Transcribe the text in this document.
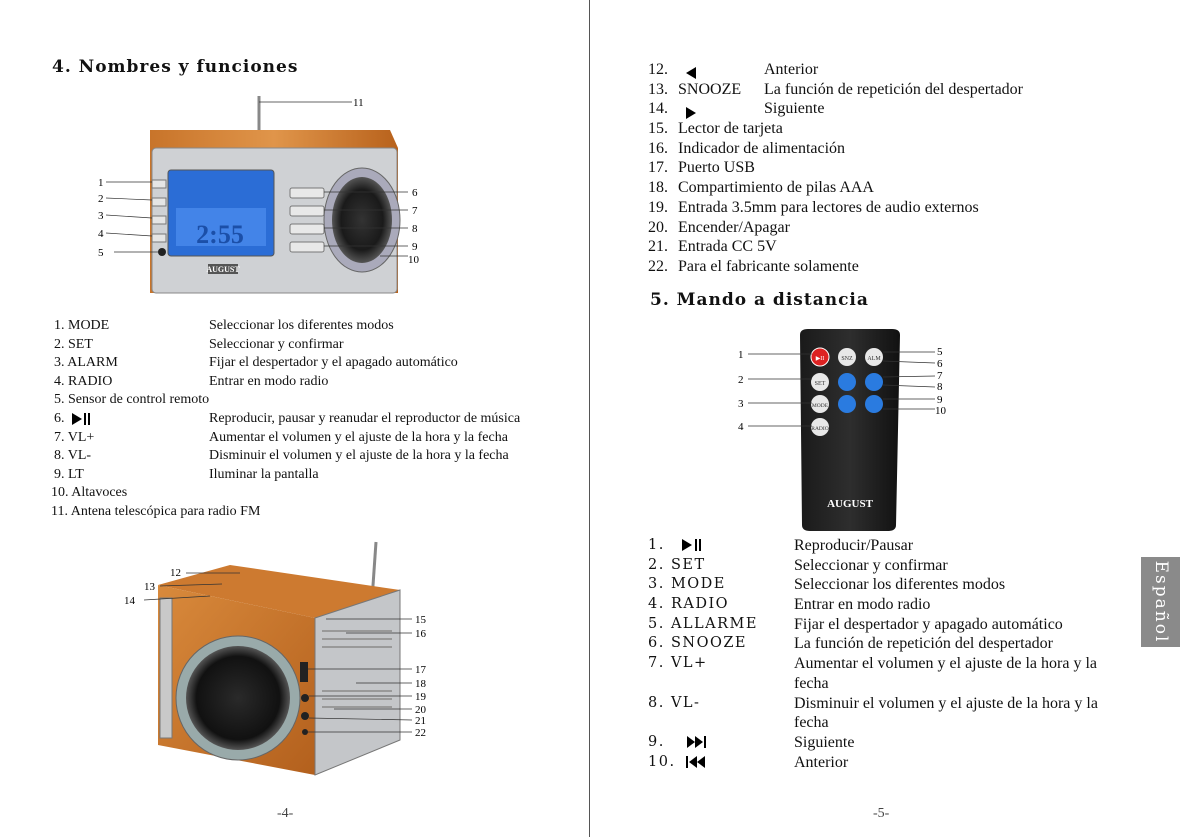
4. Nombres y funciones
2:55
AUGUST
1
2
3
4
5
6
7
8
9
10
11
1. MODE	Seleccionar los diferentes modos
2. SET	Seleccionar y confirmar
3. ALARM	Fijar el despertador y el apagado automático
4. RADIO	Entrar en modo radio
5. Sensor de control remoto
6.	Reproducir, pausar y reanudar el reproductor de música
7. VL+	Aumentar el volumen y el ajuste de la hora y la fecha
8. VL-	Disminuir el volumen y el ajuste de la hora y la fecha
9. LT	Iluminar la pantalla
10. Altavoces
11. Antena telescópica para radio FM
12
13
14
15
16
17
18
19
20
21
22
-4-
12.	Anterior
13. SNOOZE La función de repetición del despertador
14.	Siguiente
15. Lector de tarjeta
16. Indicador de alimentación
17. Puerto USB
18. Compartimiento de pilas AAA
19. Entrada 3.5mm para lectores de audio externos
20. Encender/Apagar
21. Entrada CC 5V
22. Para el fabricante solamente
5. Mando a distancia
▶II	SNZ ALM
SET
MODE
RADIO
AUGUST
1
2
3
4
5
6
7
8
9
10
1.	Reproducir/Pausar
2. SET	Seleccionar y confirmar
3. MODE	Seleccionar los diferentes modos
4. RADIO	Entrar en modo radio
5. ALLARME Fijar el despertador y apagado automático
6. SNOOZE	La función de repetición del despertador
7. VL+	Aumentar el volumen y el ajuste de la hora y la fecha
8. VL-	Disminuir el volumen y el ajuste de la hora y la fecha
9.	Siguiente
10.	Anterior
-5-
Español
